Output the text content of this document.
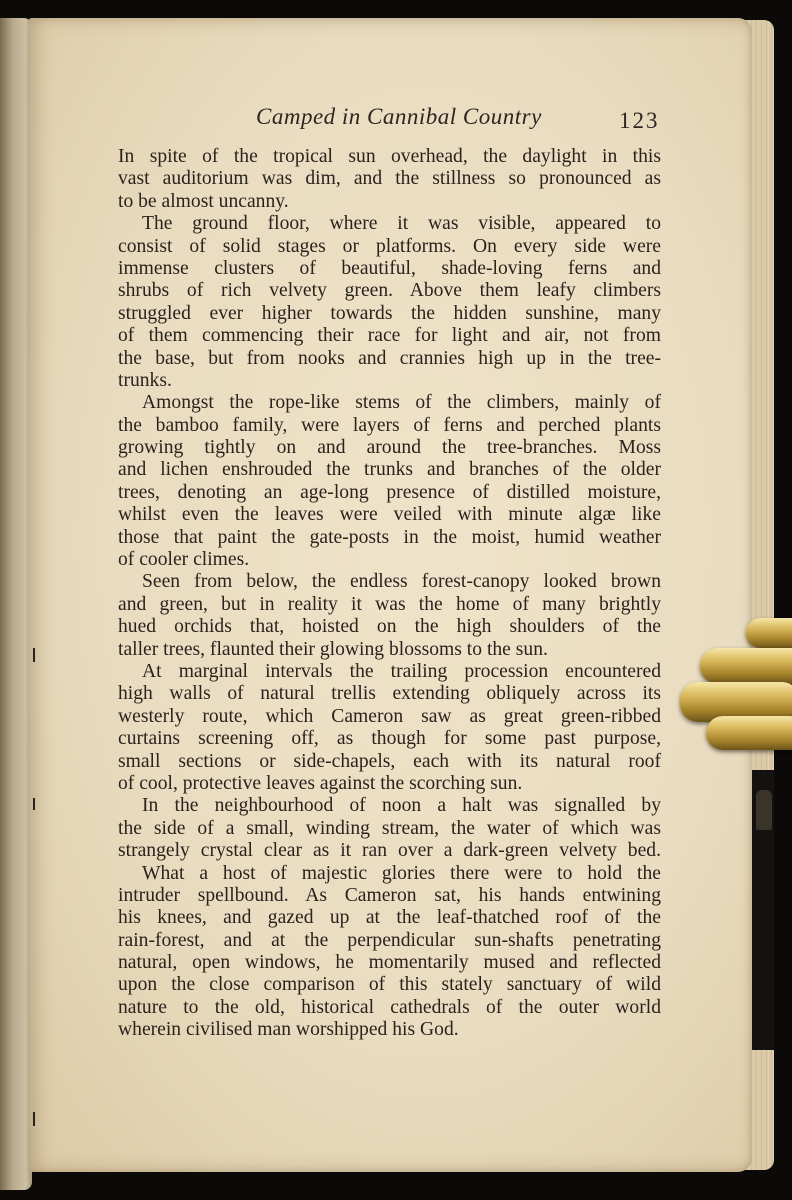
Camped in Cannibal Country	123
In spite of the tropical sun overhead, the daylight in this
vast auditorium was dim, and the stillness so pronounced as
to be almost uncanny.
The ground floor, where it was visible, appeared to
consist of solid stages or platforms. On every side were
immense clusters of beautiful, shade-loving ferns and
shrubs of rich velvety green. Above them leafy climbers
struggled ever higher towards the hidden sunshine, many
of them commencing their race for light and air, not from
the base, but from nooks and crannies high up in the tree-
trunks.
Amongst the rope-like stems of the climbers, mainly of
the bamboo family, were layers of ferns and perched plants
growing tightly on and around the tree-branches. Moss
and lichen enshrouded the trunks and branches of the older
trees, denoting an age-long presence of distilled moisture,
whilst even the leaves were veiled with minute algæ like
those that paint the gate-posts in the moist, humid weather
of cooler climes.
Seen from below, the endless forest-canopy looked brown
and green, but in reality it was the home of many brightly
hued orchids that, hoisted on the high shoulders of the
taller trees, flaunted their glowing blossoms to the sun.
At marginal intervals the trailing procession encountered
high walls of natural trellis extending obliquely across its
westerly route, which Cameron saw as great green-ribbed
curtains screening off, as though for some past purpose,
small sections or side-chapels, each with its natural roof
of cool, protective leaves against the scorching sun.
In the neighbourhood of noon a halt was signalled by
the side of a small, winding stream, the water of which was
strangely crystal clear as it ran over a dark-green velvety bed.
What a host of majestic glories there were to hold the
intruder spellbound. As Cameron sat, his hands entwining
his knees, and gazed up at the leaf-thatched roof of the
rain-forest, and at the perpendicular sun-shafts penetrating
natural, open windows, he momentarily mused and reflected
upon the close comparison of this stately sanctuary of wild
nature to the old, historical cathedrals of the outer world
wherein civilised man worshipped his God.
